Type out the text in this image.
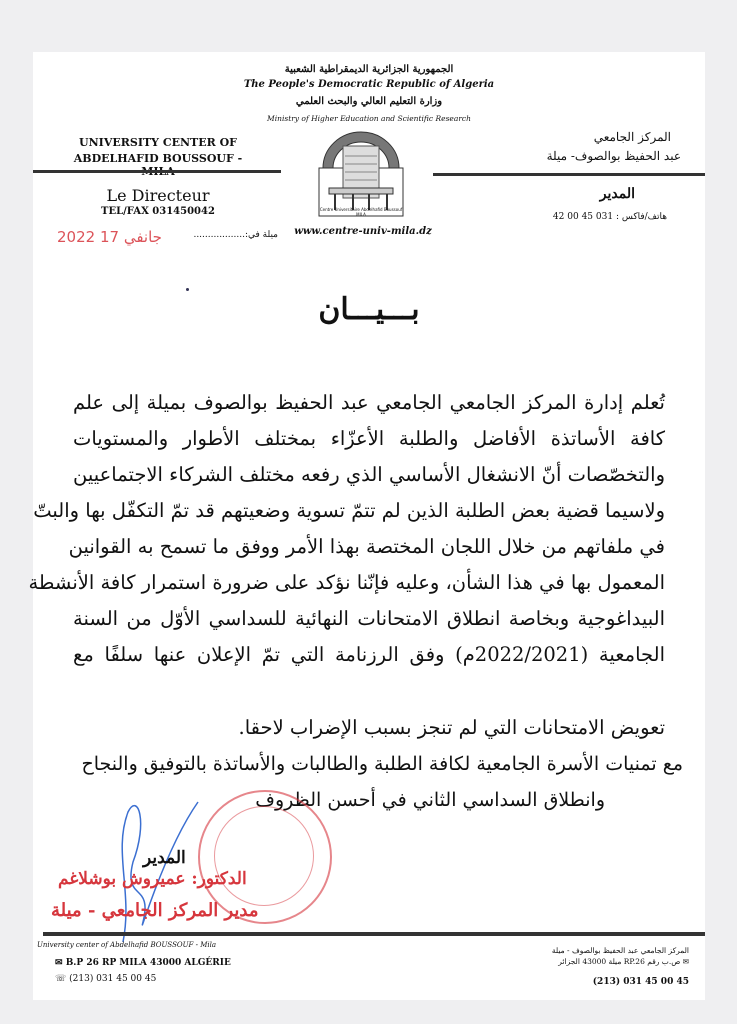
الجمهورية الجزائرية الديمقراطية الشعبية
The People's Democratic Republic of Algeria
وزارة التعليم العالي والبحث العلمي
Ministry of Higher Education and Scientific Research
UNIVERSITY CENTER OF
ABDELHAFID BOUSSOUF -
Le Directeur
TEL/FAX 031450042
ميلة في:..................
2022 جانفي 17
Centre Universitaire Abdelhafid Boussouf MILA
www.centre-univ-mila.dz
المركز الجامعي
عبد الحفيظ بوالصوف- ميلة
المدير
هاتف/فاكس : 031 45 00 42
بـــيـــان
تُعلم إدارة المركز الجامعي الجامعي عبد الحفيظ بوالصوف بميلة إلى علم
كافة الأساتذة الأفاضل والطلبة الأعزّاء بمختلف الأطوار والمستويات
والتخصّصات أنّ الانشغال الأساسي الذي رفعه مختلف الشركاء الاجتماعيين
ولاسيما قضية بعض الطلبة الذين لم تتمّ تسوية وضعيتهم قد تمّ التكفّل بها والبتّ
في ملفاتهم من خلال اللجان المختصة بهذا الأمر ووفق ما تسمح به القوانين
المعمول بها في هذا الشأن، وعليه فإنّنا نؤكد على ضرورة استمرار كافة الأنشطة
البيداغوجية وبخاصة انطلاق الامتحانات النهائية للسداسي الأوّل من السنة
الجامعية (2022/2021م) وفق الرزنامة التي تمّ الإعلان عنها سلفًا مع
تعويض الامتحانات التي لم تنجز بسبب الإضراب لاحقا.
مع تمنيات الأسرة الجامعية لكافة الطلبة والطالبات والأساتذة بالتوفيق والنجاح
وانطلاق السداسي الثاني في أحسن الظروف
المدير
الدكتور: عميروش بوشلاغم
مدير المركز الجامعي - ميلة
University center of Abdelhafid BOUSSOUF - Mila
✉ B.P 26 RP MILA 43000 ALGÉRIE
☏ (213) 031 45 00 45
المركز الجامعي عبد الحفيظ بوالصوف - ميلة
✉ ص.ب رقم RP.26 ميلة 43000 الجزائر
(213) 031 45 00 45
